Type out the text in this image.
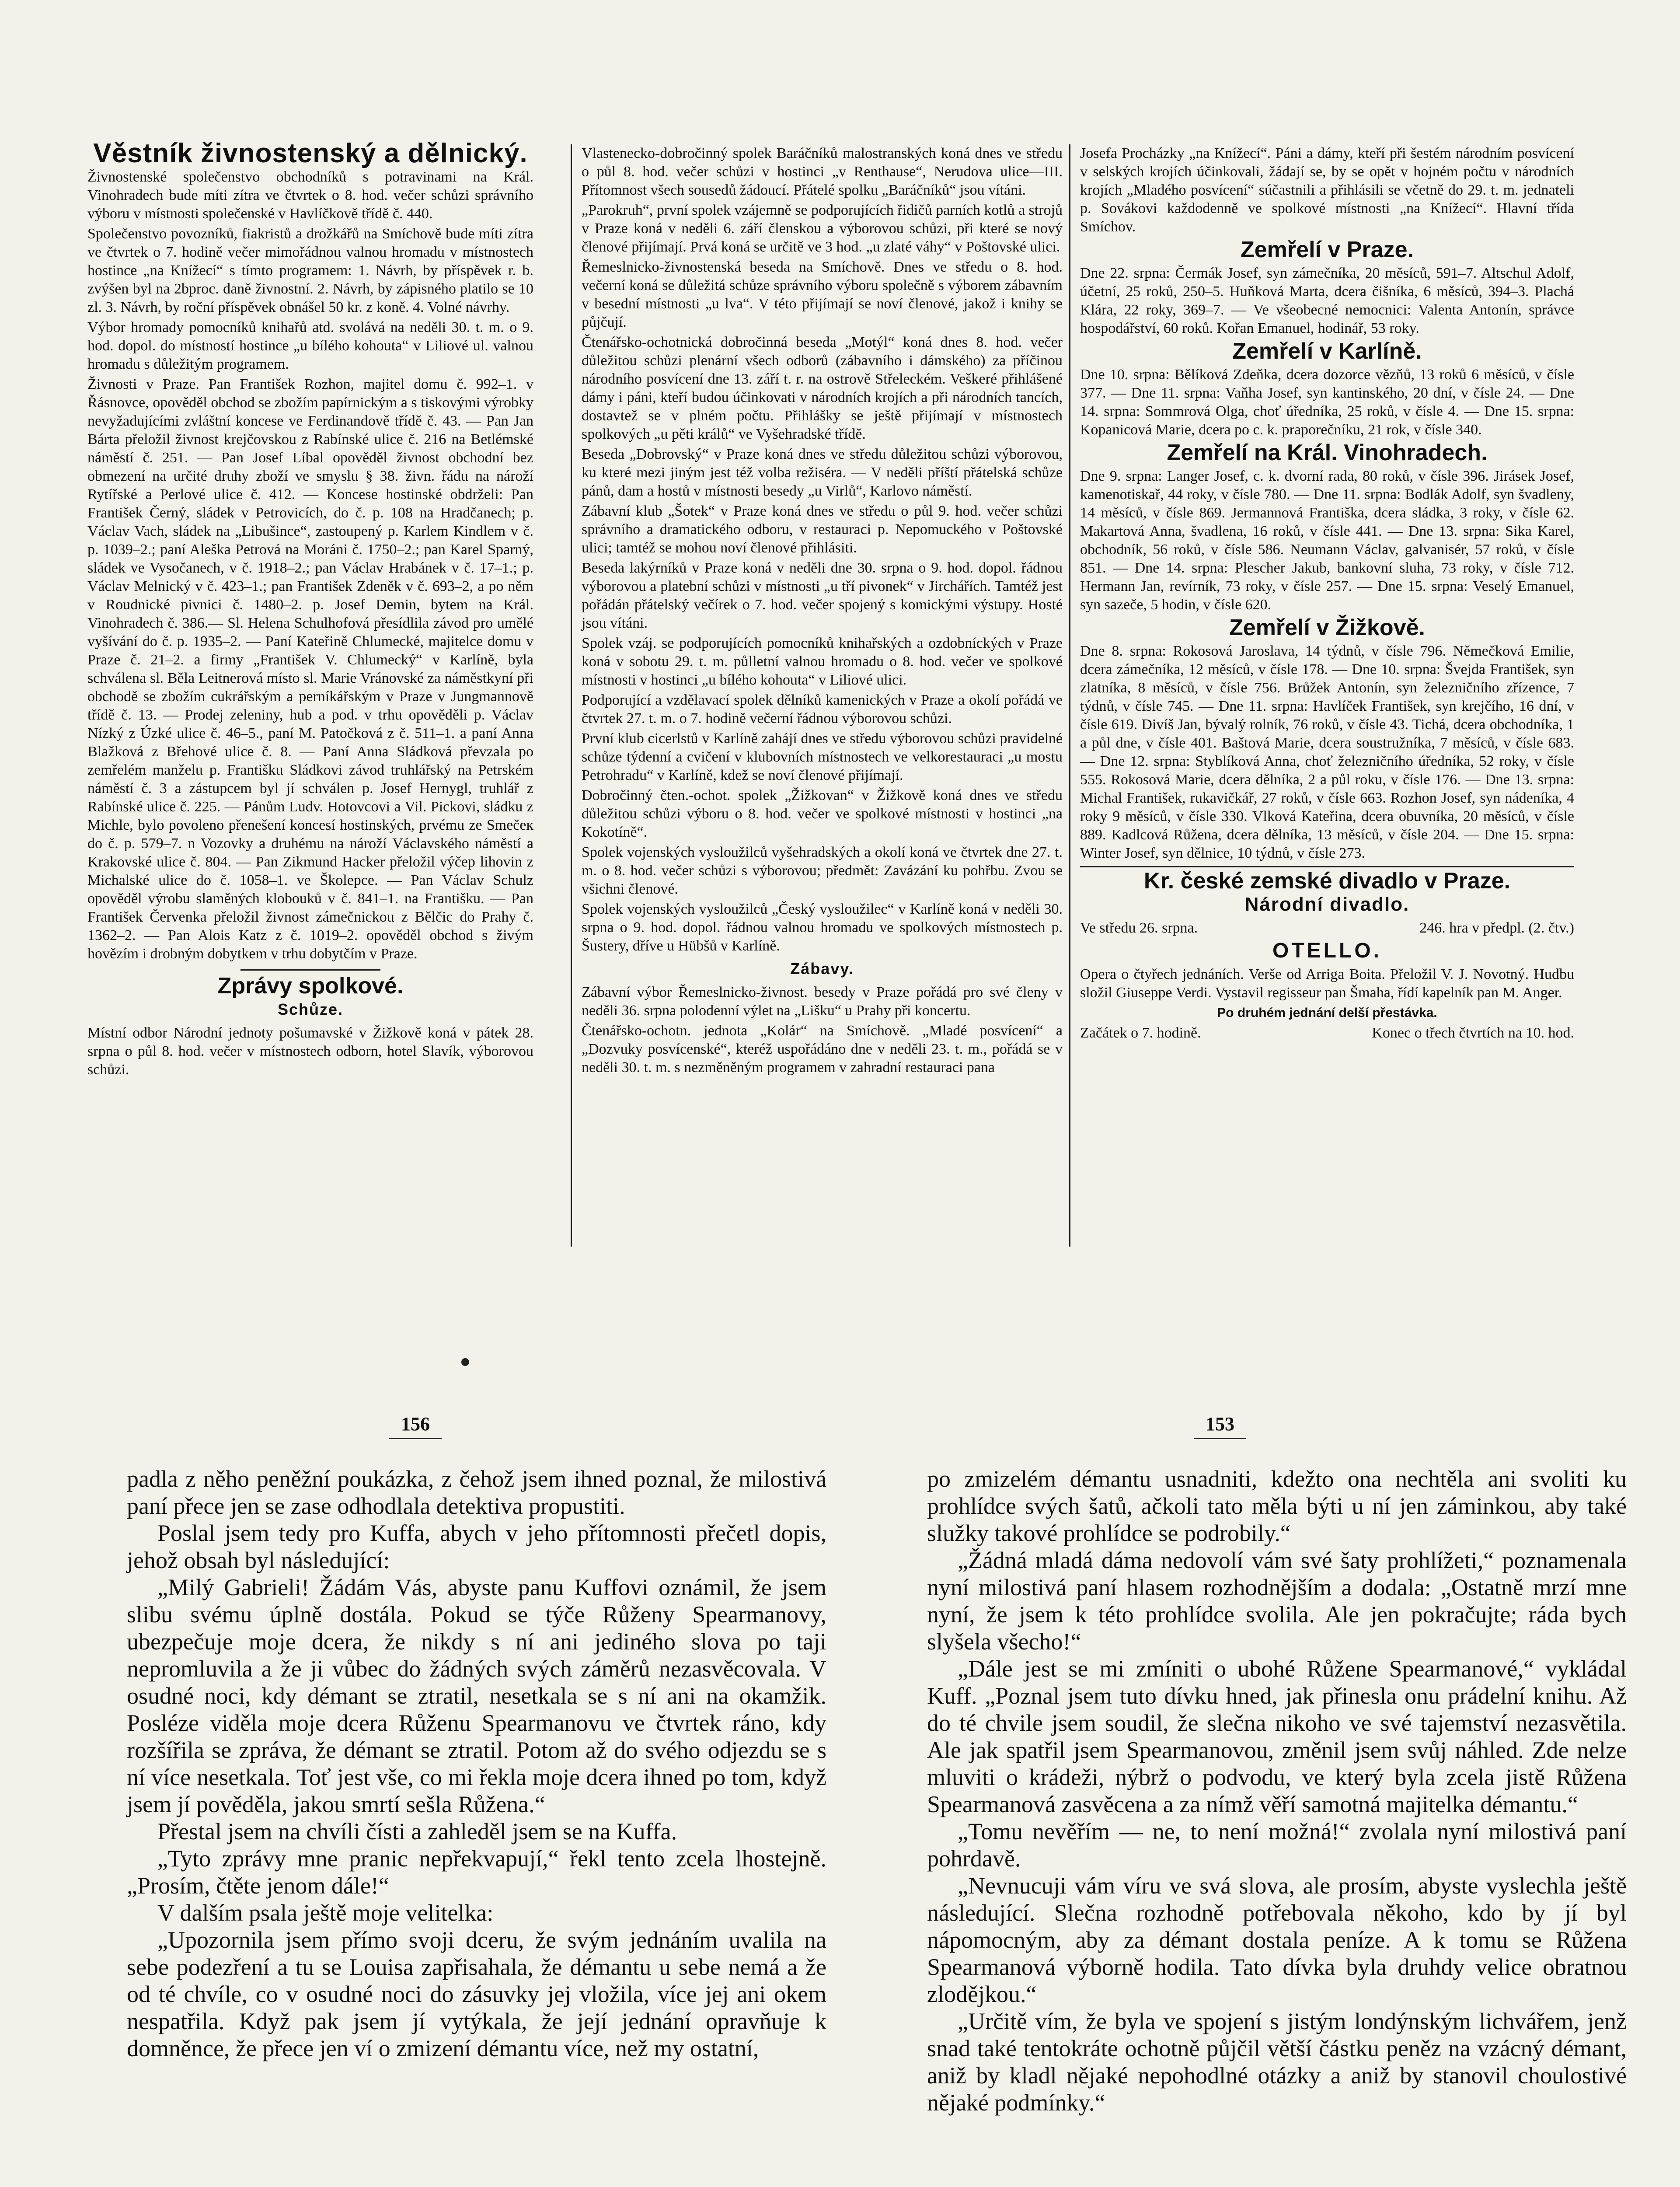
Věstník živnostenský a dělnický.

Živnostenské společenstvo obchodníků s potravinami na Král. Vinohradech bude míti zítra ve čtvrtek o 8. hod. večer schůzi správního výboru v místnosti společenské v Havlíčkově třídě č. 440.

Společenstvo povozníků, fiakristů a drožkářů na Smíchově bude míti zítra ve čtvrtek o 7. hodině večer mimořádnou valnou hromadu v místnostech hostince „na Knížecí“ s tímto programem: 1. Návrh, by příspěvek r. b. zvýšen byl na 2bproc. daně živnostní. 2. Návrh, by zápisného platilo se 10 zl. 3. Návrh, by roční příspěvek obnášel 50 kr. z koně. 4. Volné návrhy.

Výbor hromady pomocníků knihařů atd. svolává na neděli 30. t. m. o 9. hod. dopol. do místností hostince „u bílého kohouta“ v Liliové ul. valnou hromadu s důležitým programem.

Živnosti v Praze. Pan František Rozhon, majitel domu č. 992–1. v Řásnovce, opověděl obchod se zbožím papírnickým a s tiskovými výrobky nevyžadujícími zvláštní koncese ve Ferdinandově třídě č. 43. — Pan Jan Bárta přeložil živnost krejčovskou z Rabínské ulice č. 216 na Betlémské náměstí č. 251. — Pan Josef Líbal opověděl živnost obchodní bez obmezení na určité druhy zboží ve smyslu § 38. živn. řádu na nároží Rytířské a Perlové ulice č. 412. — Koncese hostinské obdrželi: Pan František Černý, sládek v Petrovicích, do č. p. 108 na Hradčanech; p. Václav Vach, sládek na „Libušince“, zastoupený p. Karlem Kindlem v č. p. 1039–2.; paní Aleška Petrová na Moráni č. 1750–2.; pan Karel Sparný, sládek ve Vysočanech, v č. 1918–2.; pan Václav Hrabánek v č. 17–1.; p. Václav Melnický v č. 423–1.; pan František Zdeněk v č. 693–2, a po něm v Roudnické pivnici č. 1480–2. p. Josef Demin, bytem na Král. Vinohradech č. 386.— Sl. Helena Schulhofová přesídlila závod pro umělé vyšívání do č. p. 1935–2. — Paní Kateřině Chlumecké, majitelce domu v Praze č. 21–2. a firmy „František V. Chlumecký“ v Karlíně, byla schválena sl. Běla Leitnerová místo sl. Marie Vránovské za náměstkyní při obchodě se zbožím cukrářským a perníkářským v Praze v Jungmannově třídě č. 13. — Prodej zeleniny, hub a pod. v trhu opověděli p. Václav Nízký z Úzké ulice č. 46–5., paní M. Patočková z č. 511–1. a paní Anna Blažková z Břehové ulice č. 8. — Paní Anna Sládková převzala po zemřelém manželu p. Františku Sládkovi závod truhlářský na Petrském náměstí č. 3 a zástupcem byl jí schválen p. Josef Hernygl, truhlář z Rabínské ulice č. 225. — Pánům Ludv. Hotovcovi a Vil. Pickovi, sládku z Michle, bylo povoleno přenešení koncesí hostinských, prvému ze Smečeк do č. p. 579–7. n Vozovky a druhému na nároží Václavského náměstí a Krakovské ulice č. 804. — Pan Zikmund Hacker přeložil výčep lihovin z Michalské ulice do č. 1058–1. ve Školepce. — Pan Václav Schulz opověděl výrobu slaměných klobouků v č. 841–1. na Františku. — Pan František Červenka přeložil živnost zámečnickou z Bělčic do Prahy č. 1362–2. — Pan Alois Katz z č. 1019–2. opověděl obchod s živým hovězím i drobným dobytkem v trhu dobytčím v Praze.

Zprávy spolkové.
Schůze.

Místní odbor Národní jednoty pošumavské v Žižkově koná v pátek 28. srpna o půl 8. hod. večer v místnostech odborn, hotel Slavík, výborovou schůzi.

Vlastenecko-dobročinný spolek Baráčníků malostranských koná dnes ve středu o půl 8. hod. večer schůzi v hostinci „v Renthause“, Nerudova ulice—III. Přítomnost všech sousedů žádoucí. Přátelé spolku „Baráčníků“ jsou vítáni.

„Parokruh“, první spolek vzájemně se podporujících řidičů parních kotlů a strojů v Praze koná v neděli 6. září členskou a výborovou schůzi, při které se nový členové přijímají. Prvá koná se určitě ve 3 hod. „u zlaté váhy“ v Poštovské ulici.

Řemeslnicko-živnostenská beseda na Smíchově. Dnes ve středu o 8. hod. večerní koná se důležitá schůze správního výboru společně s výborem zábavním v besední místnosti „u lva“. V této přijímají se noví členové, jakož i knihy se půjčují.

Čtenářsko-ochotnická dobročinná beseda „Motýl“ koná dnes 8. hod. večer důležitou schůzi plenární všech odborů (zábavního i dámského) za příčinou národního posvícení dne 13. září t. r. na ostrově Střeleckém. Veškeré přihlášené dámy i páni, kteří budou účinkovati v národních krojích a při národních tancích, dostavtež se v plném počtu. Přihlášky se ještě přijímají v místnostech spolkových „u pěti králů“ ve Vyšehradské třídě.

Beseda „Dobrovský“ v Praze koná dnes ve středu důležitou schůzi výborovou, ku které mezi jiným jest též volba režiséra. — V neděli příští přátelská schůze pánů, dam a hostů v místnosti besedy „u Virlů“, Karlovo náměstí.

Zábavní klub „Šotek“ v Praze koná dnes ve středu o půl 9. hod. večer schůzi správního a dramatického odboru, v restauraci p. Nepomuckého v Poštovské ulici; tamtéž se mohou noví členové přihlásiti.

Beseda lakýrníků v Praze koná v neděli dne 30. srpna o 9. hod. dopol. řádnou výborovou a platební schůzi v místnosti „u tří pivonek“ v Jirchářích. Tamtéž jest pořádán přátelský večírek o 7. hod. večer spojený s komickými výstupy. Hosté jsou vítáni.

Spolek vzáj. se podporujících pomocníků knihařských a ozdobníckých v Praze koná v sobotu 29. t. m. půlletní valnou hromadu o 8. hod. večer ve spolkové místnosti v hostinci „u bílého kohouta“ v Liliové ulici.

Podporující a vzdělavací spolek dělníků kamenických v Praze a okolí pořádá ve čtvrtek 27. t. m. o 7. hodině večerní řádnou výborovou schůzi.

První klub cicerlstů v Karlíně zahájí dnes ve středu výborovou schůzi pravidelné schůze týdenní a cvičení v klubovních místnostech ve velkorestauraci „u mostu Petrohradu“ v Karlíně, kdež se noví členové přijímají.

Dobročinný čten.-ochot. spolek „Žižkovan“ v Žižkově koná dnes ve středu důležitou schůzi výboru o 8. hod. večer ve spolkové místnosti v hostinci „na Kokotíně“.

Spolek vojenských vysloužilců vyšehradských a okolí koná ve čtvrtek dne 27. t. m. o 8. hod. večer schůzi s výborovou; předmět: Zavázání ku pohřbu. Zvou se všichni členové.

Spolek vojenských vysloužilců „Český vysloužilec“ v Karlíně koná v neděli 30. srpna o 9. hod. dopol. řádnou valnou hromadu ve spolkových místnostech p. Šustery, dříve u Hübšů v Karlíně.

Zábavy.

Zábavní výbor Řemeslnicko-živnost. besedy v Praze pořádá pro své členy v neděli 36. srpna polodenní výlet na „Lišku“ u Prahy při koncertu.

Čtenářsko-ochotn. jednota „Kolár“ na Smíchově. „Mladé posvícení“ a „Dozvuky posvícenské“, kteréž uspořádáno dne v neděli 23. t. m., pořádá se v neděli 30. t. m. s nezměněným programem v zahradní restauraci pana

Josefa Procházky „na Knížecí“. Páni a dámy, kteří při šestém národním posvícení v selských krojích účinkovali, žádají se, by se opět v hojném počtu v národních krojích „Mladého posvícení“ súčastnili a přihlásili se včetně do 29. t. m. jednateli p. Sovákovi každodenně ve spolkové místnosti „na Knížecí“. Hlavní třída Smíchov.

Zemřelí v Praze.

Dne 22. srpna: Čermák Josef, syn zámečníka, 20 měsíců, 591–7. Altschul Adolf, účetní, 25 roků, 250–5. Huňková Marta, dcera čišníka, 6 měsíců, 394–3. Plachá Klára, 22 roky, 369–7. — Ve všeobecné nemocnici: Valenta Antonín, správce hospodářství, 60 roků. Kořan Emanuel, hodinář, 53 roky.

Zemřelí v Karlíně.

Dne 10. srpna: Bělíková Zdeňka, dcera dozorce vězňů, 13 roků 6 měsíců, v čísle 377. — Dne 11. srpna: Vaňha Josef, syn kantinského, 20 dní, v čísle 24. — Dne 14. srpna: Sommrová Olga, choť úředníka, 25 roků, v čísle 4. — Dne 15. srpna: Kopanicová Marie, dcera po c. k. praporečníku, 21 rok, v čísle 340.

Zemřelí na Král. Vinohradech.

Dne 9. srpna: Langer Josef, c. k. dvorní rada, 80 roků, v čísle 396. Jirásek Josef, kamenotiskař, 44 roky, v čísle 780. — Dne 11. srpna: Bodlák Adolf, syn švadleny, 14 měsíců, v čísle 869. Jermannová Františka, dcera sládka, 3 roky, v čísle 62. Makartová Anna, švadlena, 16 roků, v čísle 441. — Dne 13. srpna: Sika Karel, obchodník, 56 roků, v čísle 586. Neumann Václav, galvanisér, 57 roků, v čísle 851. — Dne 14. srpna: Plescher Jakub, bankovní sluha, 73 roky, v čísle 712. Hermann Jan, revírník, 73 roky, v čísle 257. — Dne 15. srpna: Veselý Emanuel, syn sazeče, 5 hodin, v čísle 620.

Zemřelí v Žižkově.

Dne 8. srpna: Rokosová Jaroslava, 14 týdnů, v čísle 796. Němečková Emilie, dcera zámečníka, 12 měsíců, v čísle 178. — Dne 10. srpna: Švejda František, syn zlatníka, 8 měsíců, v čísle 756. Brůžek Antonín, syn železničního zřízence, 7 týdnů, v čísle 745. — Dne 11. srpna: Havlíček František, syn krejčího, 16 dní, v čísle 619. Divíš Jan, bývalý rolník, 76 roků, v čísle 43. Tichá, dcera obchodníka, 1 a půl dne, v čísle 401. Baštová Marie, dcera soustružníka, 7 měsíců, v čísle 683. — Dne 12. srpna: Styblíková Anna, choť železničního úředníka, 52 roky, v čísle 555. Rokosová Marie, dcera dělníka, 2 a půl roku, v čísle 176. — Dne 13. srpna: Michal František, rukavičkář, 27 roků, v čísle 663. Rozhon Josef, syn nádeníka, 4 roky 9 měsíců, v čísle 330. Vlková Kateřina, dcera obuvníka, 20 měsíců, v čísle 889. Kadlcová Růžena, dcera dělníka, 13 měsíců, v čísle 204. — Dne 15. srpna: Winter Josef, syn dělnice, 10 týdnů, v čísle 273.

Kr. české zemské divadlo v Praze.
Národní divadlo.
Ve středu 26. srpna.	246. hra v předpl. (2. čtv.)
OTELLO.

Opera o čtyřech jednáních. Verše od Arriga Boita. Přeložil V. J. Novotný. Hudbu složil Giuseppe Verdi. Vystavil regisseur pan Šmaha, řídí kapelník pan M. Anger.

Po druhém jednání delší přestávka.

Začátek o 7. hodině.	Konec o třech čtvrtích na 10. hod.
156	153

padla z něho peněžní poukázka, z čehož jsem ihned poznal, že milostivá paní přece jen se zase odhodlala detektiva propustiti.

Poslal jsem tedy pro Kuffa, abych v jeho přítomnosti přečetl dopis, jehož obsah byl následující:

„Milý Gabrieli! Žádám Vás, abyste panu Kuffovi oznámil, že jsem slibu svému úplně dostála. Pokud se týče Růženy Spearmanovy, ubezpečuje moje dcera, že nikdy s ní ani jediného slova po taji nepromluvila a že ji vůbec do žádných svých záměrů nezasvěcovala. V osudné noci, kdy démant se ztratil, nesetkala se s ní ani na okamžik. Posléze viděla moje dcera Růženu Spearmanovu ve čtvrtek ráno, kdy rozšířila se zpráva, že démant se ztratil. Potom až do svého odjezdu se s ní více nesetkala. Toť jest vše, co mi řekla moje dcera ihned po tom, když jsem jí pověděla, jakou smrtí sešla Růžena.“

Přestal jsem na chvíli čísti a zahleděl jsem se na Kuffa.

„Tyto zprávy mne pranic nepřekvapují,“ řekl tento zcela lhostejně. „Prosím, čtěte jenom dále!“

V dalším psala ještě moje velitelka:

„Upozornila jsem přímo svoji dceru, že svým jednáním uvalila na sebe podezření a tu se Louisa zapřisahala, že démantu u sebe nemá a že od té chvíle, co v osudné noci do zásuvky jej vložila, více jej ani okem nespatřila. Když pak jsem jí vytýkala, že její jednání opravňuje k domněnce, že přece jen ví o zmizení démantu více, než my ostatní,

po zmizelém démantu usnadniti, kdežto ona nechtěla ani svoliti ku prohlídce svých šatů, ačkoli tato měla býti u ní jen záminkou, aby také služky takové prohlídce se podrobily.“

„Žádná mladá dáma nedovolí vám své šaty prohlížeti,“ poznamenala nyní milostivá paní hlasem rozhodnějším a dodala: „Ostatně mrzí mne nyní, že jsem k této prohlídce svolila. Ale jen pokračujte; ráda bych slyšela všecho!“

„Dále jest se mi zmíniti o ubohé Růžene Spearmanové,“ vykládal Kuff. „Poznal jsem tuto dívku hned, jak přinesla onu prádelní knihu. Až do té chvile jsem soudil, že slečna nikoho ve své tajemství nezasvětila. Ale jak spatřil jsem Spearmanovou, změnil jsem svůj náhled. Zde nelze mluviti o krádeži, nýbrž o podvodu, ve který byla zcela jistě Růžena Spearmanová zasvěcena a za nímž věří samotná majitelka démantu.“

„Tomu nevěřím — ne, to není možná!“ zvolala nyní milostivá paní pohrdavě.

„Nevnucuji vám víru ve svá slova, ale prosím, abyste vyslechla ještě následující. Slečna rozhodně potřebovala někoho, kdo by jí byl nápomocným, aby za démant dostala peníze. A k tomu se Růžena Spearmanová výborně hodila. Tato dívka byla druhdy velice obratnou zlodějkou.“

„Určitě vím, že byla ve spojení s jistým londýnským lichvářem, jenž snad také tentokráte ochotně půjčil větší částku peněz na vzácný démant, aniž by kladl nějaké nepohodlné otázky a aniž by stanovil choulostivé nějaké podmínky.“
